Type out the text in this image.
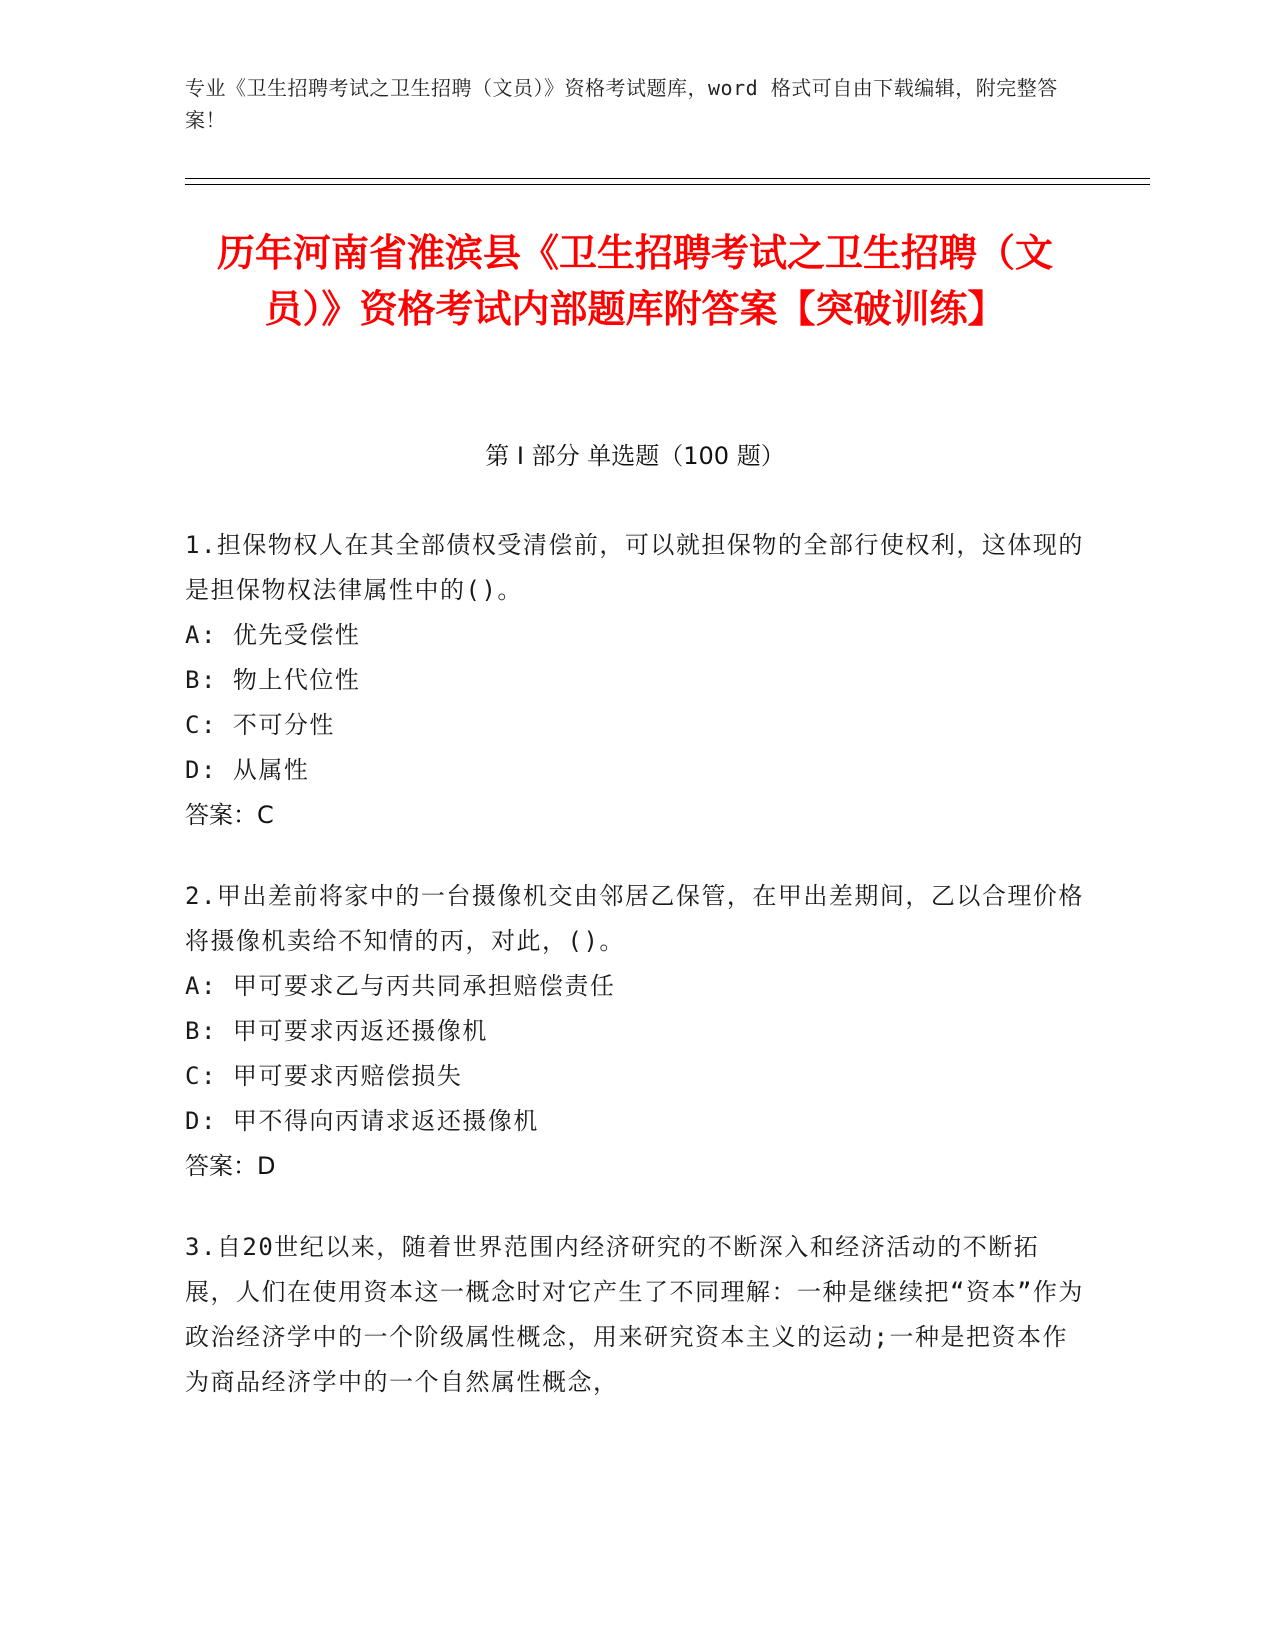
专业《卫生招聘考试之卫生招聘（文员）》资格考试题库，word 格式可自由下载编辑，附完整答案！
历年河南省淮滨县《卫生招聘考试之卫生招聘（文员）》资格考试内部题库附答案【突破训练】
第 I 部分 单选题（100 题）
1.担保物权人在其全部债权受清偿前，可以就担保物的全部行使权利，这体现的是担保物权法律属性中的()。
A: 优先受偿性
B: 物上代位性
C: 不可分性
D: 从属性
答案：C
2.甲出差前将家中的一台摄像机交由邻居乙保管，在甲出差期间，乙以合理价格将摄像机卖给不知情的丙，对此，()。
A: 甲可要求乙与丙共同承担赔偿责任
B: 甲可要求丙返还摄像机
C: 甲可要求丙赔偿损失
D: 甲不得向丙请求返还摄像机
答案：D
3.自20世纪以来，随着世界范围内经济研究的不断深入和经济活动的不断拓展，人们在使用资本这一概念时对它产生了不同理解：一种是继续把“资本”作为政治经济学中的一个阶级属性概念，用来研究资本主义的运动;一种是把资本作为商品经济学中的一个自然属性概念，
